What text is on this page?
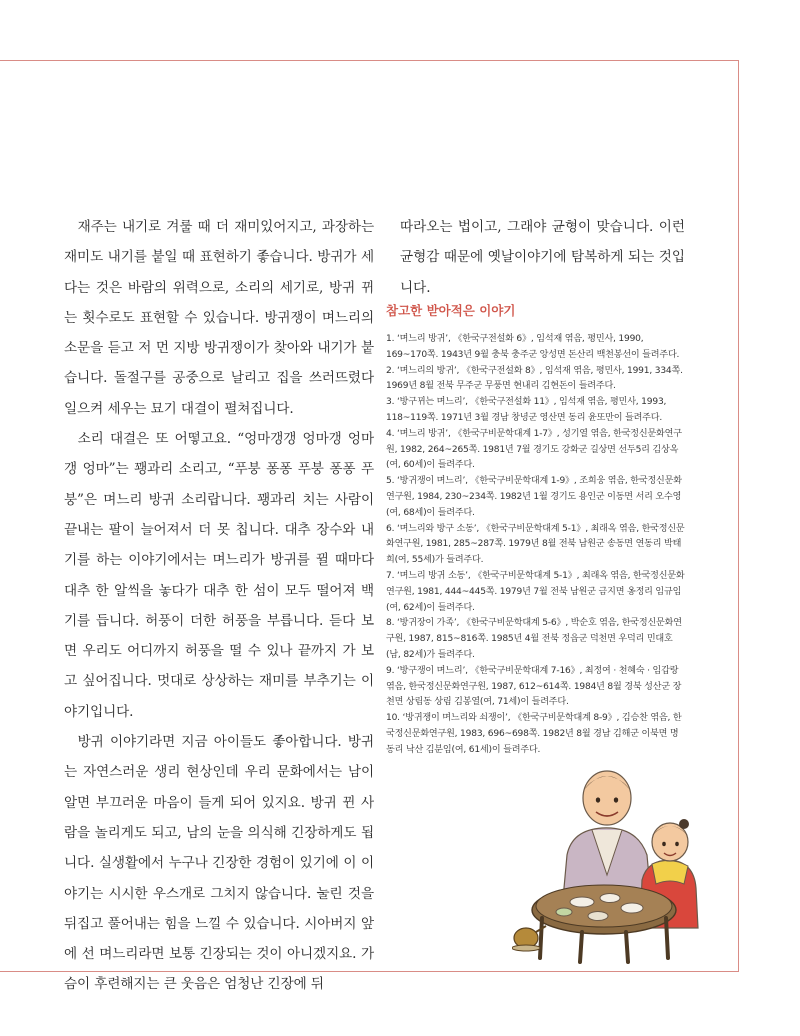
재주는 내기로 겨룰 때 더 재미있어지고, 과장하는 재미도 내기를 붙일 때 표현하기 좋습니다. 방귀가 세다는 것은 바람의 위력으로, 소리의 세기로, 방귀 뀌는 횟수로도 표현할 수 있습니다. 방귀쟁이 며느리의 소문을 듣고 저 먼 지방 방귀쟁이가 찾아와 내기가 붙습니다. 돌절구를 공중으로 날리고 집을 쓰러뜨렸다 일으켜 세우는 묘기 대결이 펼쳐집니다.

소리 대결은 또 어떻고요. “엉마갱갱 엉마갱 엉마갱 엉마”는 꽹과리 소리고, “푸붕 퐁퐁 푸붕 퐁퐁 푸붕”은 며느리 방귀 소리랍니다. 꽹과리 치는 사람이 끝내는 팔이 늘어져서 더 못 칩니다. 대추 장수와 내기를 하는 이야기에서는 며느리가 방귀를 뀔 때마다 대추 한 알씩을 놓다가 대추 한 섬이 모두 떨어져 백기를 듭니다. 허풍이 더한 허풍을 부릅니다. 듣다 보면 우리도 어디까지 허풍을 떨 수 있나 끝까지 가 보고 싶어집니다. 멋대로 상상하는 재미를 부추기는 이야기입니다.

방귀 이야기라면 지금 아이들도 좋아합니다. 방귀는 자연스러운 생리 현상인데 우리 문화에서는 남이 알면 부끄러운 마음이 들게 되어 있지요. 방귀 뀐 사람을 놀리게도 되고, 남의 눈을 의식해 긴장하게도 됩니다. 실생활에서 누구나 긴장한 경험이 있기에 이 이야기는 시시한 우스개로 그치지 않습니다. 눌린 것을 뒤집고 풀어내는 힘을 느낄 수 있습니다. 시아버지 앞에 선 며느리라면 보통 긴장되는 것이 아니겠지요. 가슴이 후련해지는 큰 웃음은 엄청난 긴장에 뒤

따라오는 법이고, 그래야 균형이 맞습니다. 이런 균형감 때문에 옛날이야기에 탐복하게 되는 것입니다.

참고한 받아적은 이야기
1. ‘며느리 방귀’, 《한국구전설화 6》, 임석재 엮음, 평민사, 1990, 169~170쪽. 1943년 9월 충북 충주군 앙성면 돈산리 백천봉선이 들려주다.
2. ‘며느리의 방귀’, 《한국구전설화 8》, 임석재 엮음, 평민사, 1991, 334쪽. 1969년 8월 전북 무주군 무풍면 현내리 김현돈이 들려주다.
3. ‘방구뀌는 며느리’, 《한국구전설화 11》, 임석재 엮음, 평민사, 1993, 118~119쪽. 1971년 3월 경남 창녕군 영산면 동리 윤또만이 들려주다.
4. ‘며느리 방귀’, 《한국구비문학대계 1-7》, 성기열 엮음, 한국정신문화연구원, 1982, 264~265쪽. 1981년 7월 경기도 강화군 길상면 선두5리 김상옥(여, 60세)이 들려주다.
5. ‘방귀쟁이 며느리’, 《한국구비문학대계 1-9》, 조희웅 엮음, 한국정신문화연구원, 1984, 230~234쪽. 1982년 1월 경기도 용인군 이동면 서리 오수영(여, 68세)이 들려주다.
6. ‘며느리와 방구 소동’, 《한국구비문학대계 5-1》, 최래옥 엮음, 한국정신문화연구원, 1981, 285~287쪽. 1979년 8월 전북 남원군 송동면 연동리 박태희(여, 55세)가 들려주다.
7. ‘며느리 방귀 소동’, 《한국구비문학대계 5-1》, 최래옥 엮음, 한국정신문화연구원, 1981, 444~445쪽. 1979년 7월 전북 남원군 금지면 옹정리 임규임(여, 62세)이 들려주다.
8. ‘방귀장이 가족’, 《한국구비문학대계 5-6》, 박순호 엮음, 한국정신문화연구원, 1987, 815~816쪽. 1985년 4월 전북 정읍군 덕천면 우덕리 민대호(남, 82세)가 들려주다.
9. ‘방구쟁이 며느리’, 《한국구비문학대계 7-16》, 최정여 · 천혜숙 · 임갑랑 엮음, 한국정신문화연구원, 1987, 612~614쪽. 1984년 8월 경북 성산군 장천면 상림동 상림 김봉열(여, 71세)이 들려주다.
10. ‘방귀쟁이 며느리와 쇠쟁이’, 《한국구비문학대계 8-9》, 김승찬 엮음, 한국정신문화연구원, 1983, 696~698쪽. 1982년 8월 경남 김해군 이북면 명동리 낙산 김분임(여, 61세)이 들려주다.
